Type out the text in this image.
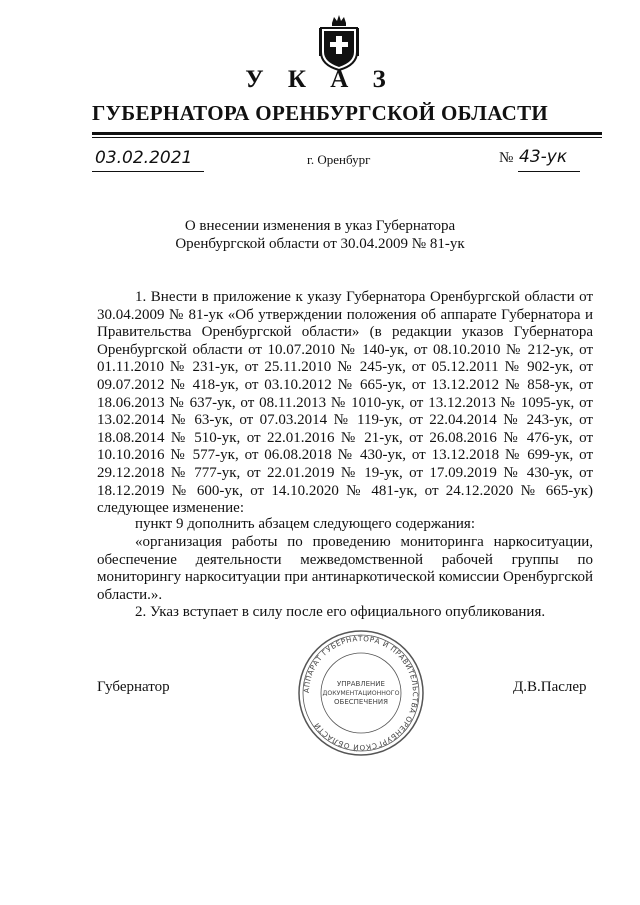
У К А З
ГУБЕРНАТОРА ОРЕНБУРГСКОЙ ОБЛАСТИ
03.02.2021	г. Оренбург	№ 43-ук
О внесении изменения в указ Губернатора
Оренбургской области от 30.04.2009 № 81-ук
1. Внести в приложение к указу Губернатора Оренбургской области от 30.04.2009 № 81-ук «Об утверждении положения об аппарате Губернатора и Правительства Оренбургской области» (в редакции указов Губернатора Оренбургской области от 10.07.2010 № 140-ук, от 08.10.2010 № 212-ук, от 01.11.2010 № 231-ук, от 25.11.2010 № 245-ук, от 05.12.2011 № 902-ук, от 09.07.2012 № 418-ук, от 03.10.2012 № 665-ук, от 13.12.2012 № 858-ук, от 18.06.2013 № 637-ук, от 08.11.2013 № 1010-ук, от 13.12.2013 № 1095-ук, от 13.02.2014 № 63-ук, от 07.03.2014 № 119-ук, от 22.04.2014 № 243-ук, от 18.08.2014 № 510-ук, от 22.01.2016 № 21-ук, от 26.08.2016 № 476-ук, от 10.10.2016 № 577-ук, от 06.08.2018 № 430-ук, от 13.12.2018 № 699-ук, от 29.12.2018 № 777-ук, от 22.01.2019 № 19-ук, от 17.09.2019 № 430-ук, от 18.12.2019 № 600-ук, от 14.10.2020 № 481-ук, от 24.12.2020 № 665-ук) следующее изменение:
пункт 9 дополнить абзацем следующего содержания:
«организация работы по проведению мониторинга наркоситуации, обеспечение деятельности межведомственной рабочей группы по мониторингу наркоситуации при антинаркотической комиссии Оренбургской области.».
2. Указ вступает в силу после его официального опубликования.
Губернатор	Д.В.Паслер
АППАРАТ ГУБЕРНАТОРА И ПРАВИТЕЛЬСТВА ОРЕНБУРГСКОЙ ОБЛАСТИ
УПРАВЛЕНИЕ
ДОКУМЕНТАЦИОННОГО
ОБЕСПЕЧЕНИЯ
